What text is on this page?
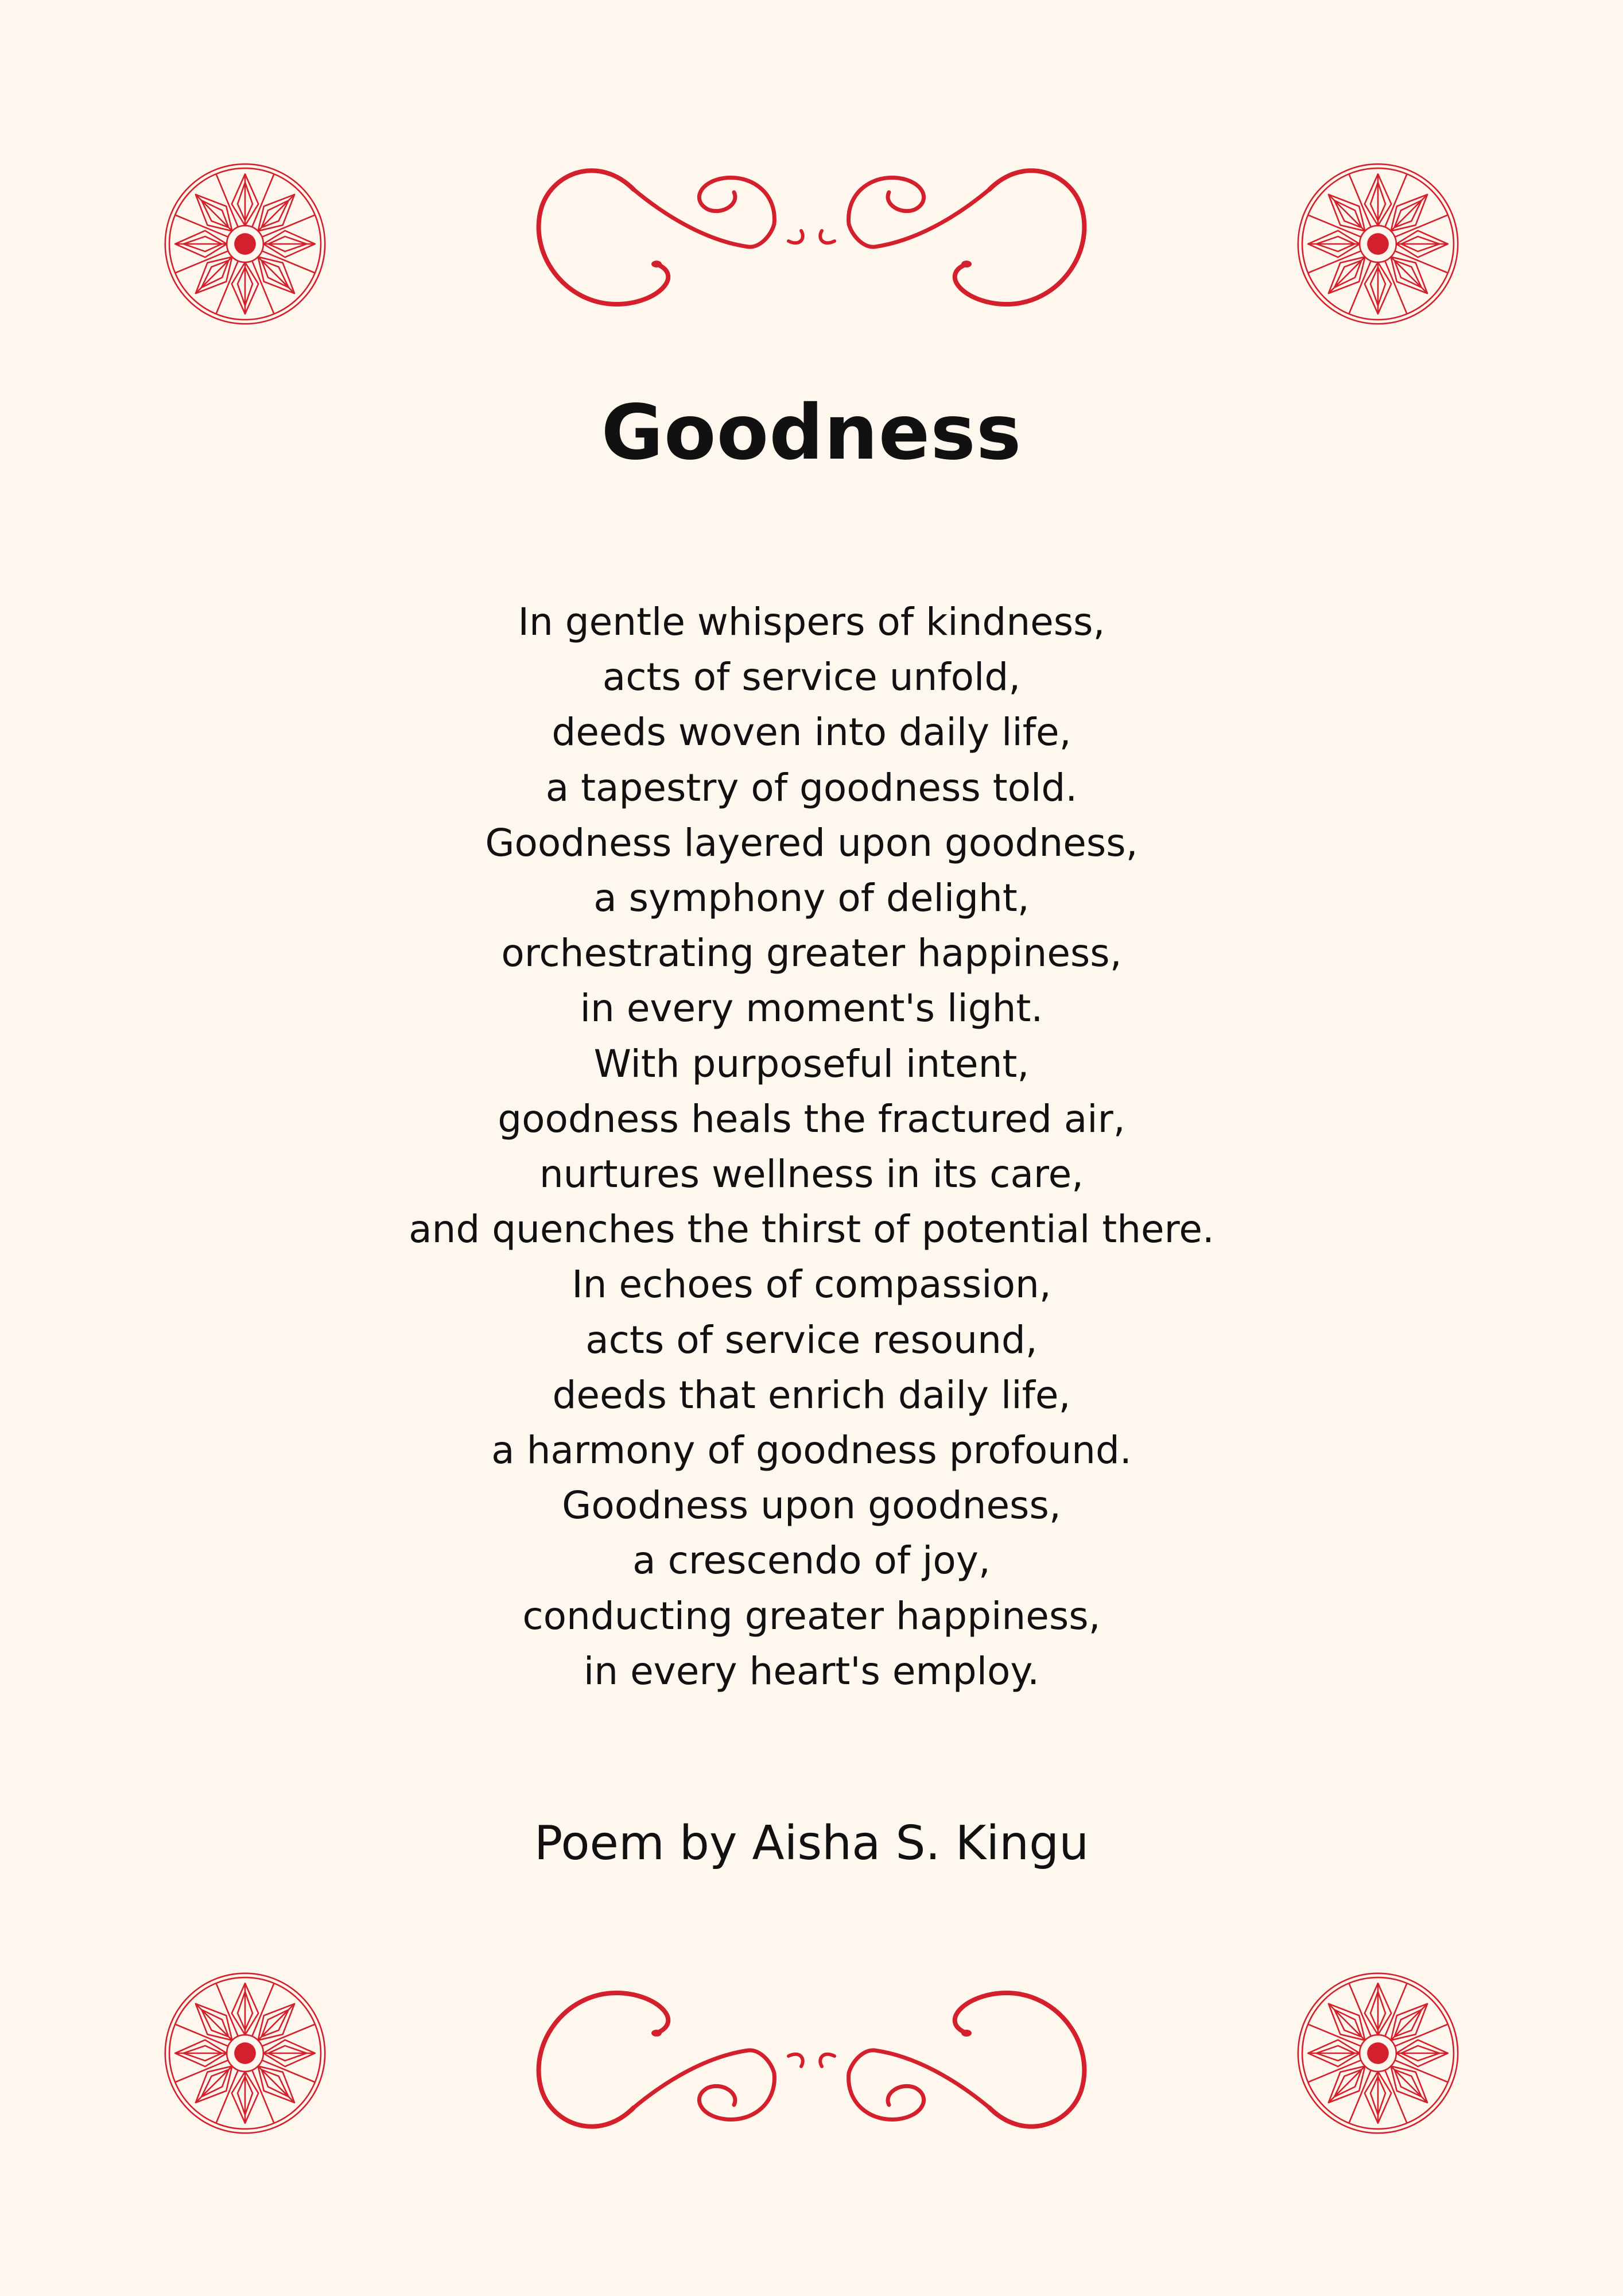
Goodness
In gentle whispers of kindness,
acts of service unfold,
deeds woven into daily life,
a tapestry of goodness told.
Goodness layered upon goodness,
a symphony of delight,
orchestrating greater happiness,
in every moment's light.
With purposeful intent,
goodness heals the fractured air,
nurtures wellness in its care,
and quenches the thirst of potential there.
In echoes of compassion,
acts of service resound,
deeds that enrich daily life,
a harmony of goodness profound.
Goodness upon goodness,
a crescendo of joy,
conducting greater happiness,
in every heart's employ.

Poem by Aisha S. Kingu
